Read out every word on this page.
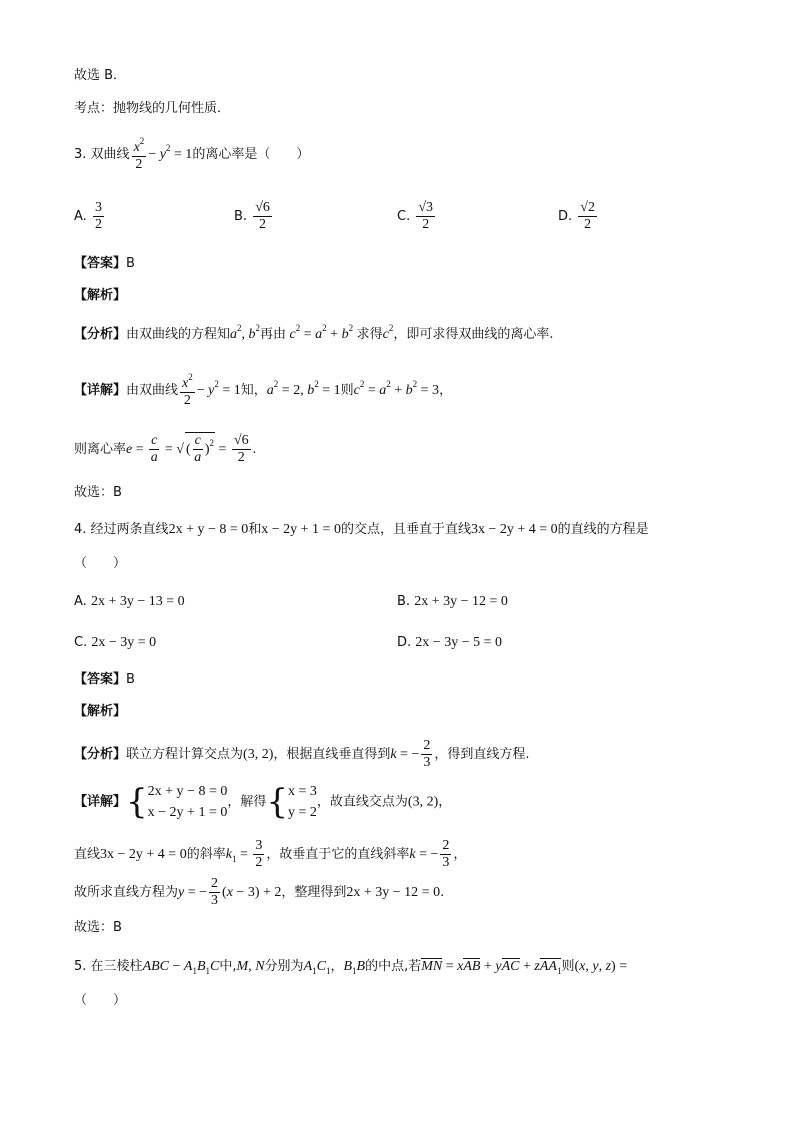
故选 B．
考点：抛物线的几何性质．
3. 双曲线 $\frac{x^2}{2} - y^2 = 1$的离心率是（　　）
A. $\frac{3}{2}$	B. $\frac{√6}{2}$	C. $\frac{√3}{2}$	D. $\frac{√2}{2}$
【答案】B
【解析】
【分析】由双曲线的方程知$a^2$, $b^2$再由 $c^2 = a^2 + b^2$ 求得$c^2$，即可求得双曲线的离心率.
【详解】由双曲线 $\frac{x^2}{2} - y^2 = 1$知，$a^2 = 2$, $b^2 = 1$则$c^2 = a^2 + b^2 = 3$，
则离心率$e = \frac{c}{a}$ = √ ( $\frac{c}{a} )^2 = \frac{√6}{2}$ .
故选：B
4. 经过两条直线2x + y − 8 = 0和x − 2y + 1 = 0的交点，且垂直于直线3x − 2y + 4 = 0的直线的方程是
（　　）
A. 2x + 3y − 13 = 0	B. 2x + 3y − 12 = 0
C. 2x − 3y = 0	D. 2x − 3y − 5 = 0
【答案】B
【解析】
【分析】联立方程计算交点为(3, 2)，根据直线垂直得到k = − $\frac{2}{3}$ ，得到直线方程.
【详解】{2x + y − 8 = 0
x − 2y + 1 = 0，解得{x = 3
y = 2，故直线交点为(3, 2)，
直线3x − 2y + 4 = 0的斜率$k_1 = \frac{3}{2}$ ，故垂直于它的直线斜率k = − $\frac{2}{3}$ ，
故所求直线方程为y = − $\frac{2}{3} (x - 3) + 2$，整理得到2x + 3y − 12 = 0.
故选：B
5. 在三棱柱ABC − $A_1B_1C$中,M, N分别为$A_1C_1$，$B_1B$的中点,若MN = xAB + yAC + zAA$_1$则(x, y, z) =
（　　）
